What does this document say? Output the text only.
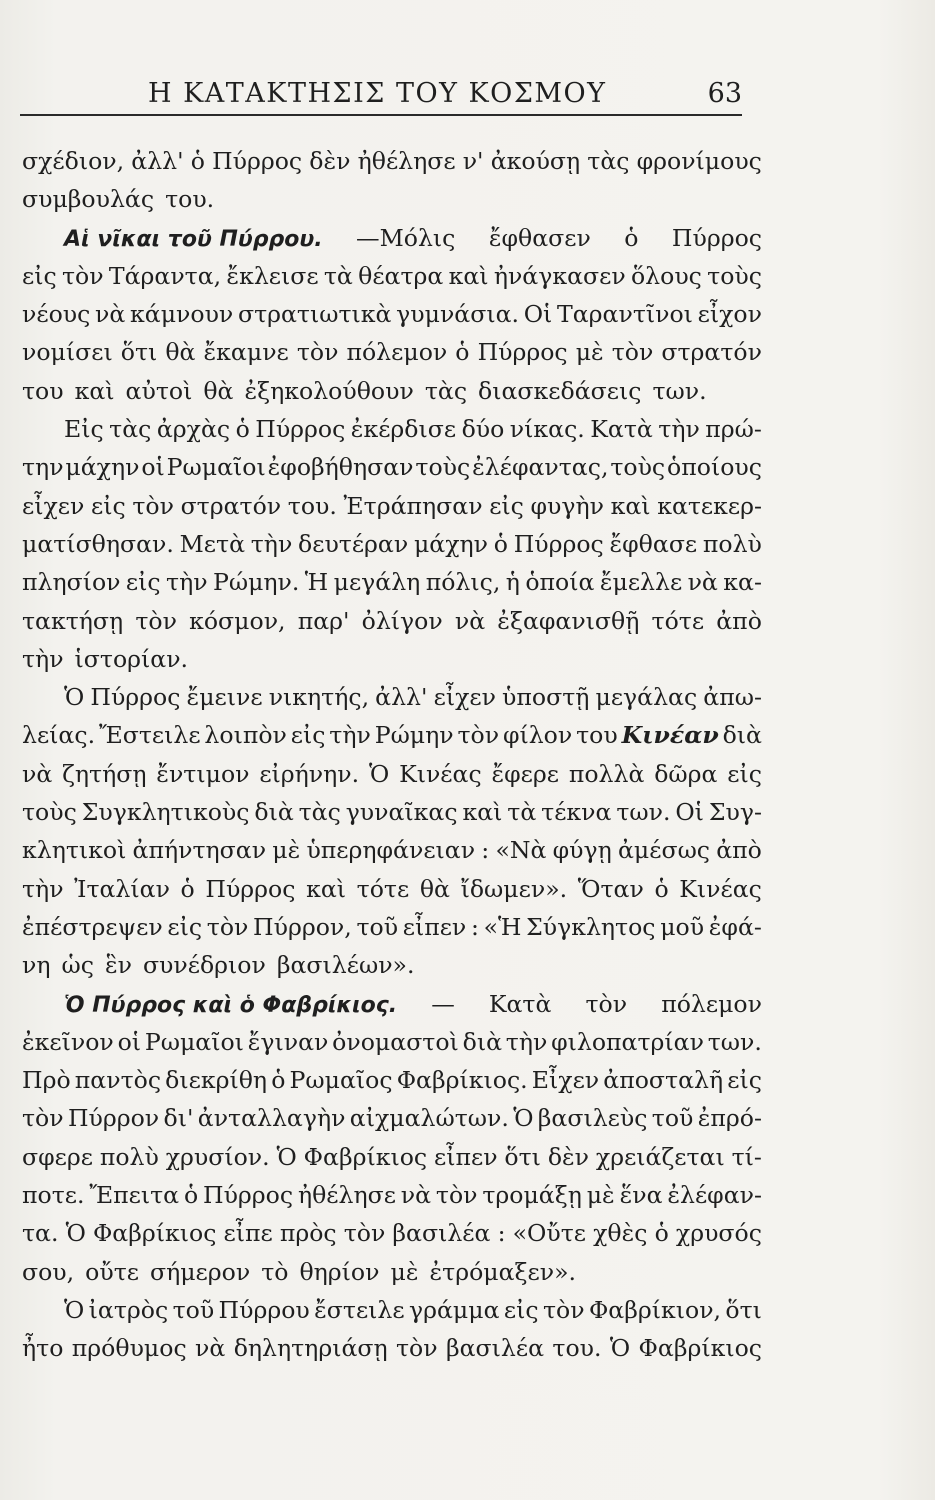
Η ΚΑΤΑΚΤΗΣΙΣ ΤΟΥ ΚΟΣΜΟΥ	63
σχέδιον, ἀλλ' ὁ Πύρρος δὲν ἠθέλησε ν' ἀκούσῃ τὰς φρονίμους
συμβουλάς του.
Αἱ νῖκαι τοῦ Πύρρου. —Μόλις ἔφθασεν ὁ Πύρρος
εἰς τὸν Τάραντα, ἔκλεισε τὰ θέατρα καὶ ἠνάγκασεν ὅλους τοὺς
νέους νὰ κάμνουν στρατιωτικὰ γυμνάσια. Οἱ Ταραντῖνοι εἶχον
νομίσει ὅτι θὰ ἔκαμνε τὸν πόλεμον ὁ Πύρρος μὲ τὸν στρατόν
του καὶ αὐτοὶ θὰ ἐξηκολούθουν τὰς διασκεδάσεις των.
Εἰς τὰς ἀρχὰς ὁ Πύρρος ἐκέρδισε δύο νίκας. Κατὰ τὴν πρώ-
την μάχην οἱ Ρωμαῖοι ἐφοβήθησαν τοὺς ἐλέφαντας, τοὺς ὁποίους
εἶχεν εἰς τὸν στρατόν του. Ἐτράπησαν εἰς φυγὴν καὶ κατεκερ-
ματίσθησαν. Μετὰ τὴν δευτέραν μάχην ὁ Πύρρος ἔφθασε πολὺ
πλησίον εἰς τὴν Ρώμην. Ἡ μεγάλη πόλις, ἡ ὁποία ἔμελλε νὰ κα-
τακτήσῃ τὸν κόσμον, παρ' ὀλίγον νὰ ἐξαφανισθῇ τότε ἀπὸ
τὴν ἱστορίαν.
Ὁ Πύρρος ἔμεινε νικητής, ἀλλ' εἶχεν ὑποστῇ μεγάλας ἀπω-
λείας. Ἔστειλε λοιπὸν εἰς τὴν Ρώμην τὸν φίλον του Κινέαν διὰ
νὰ ζητήσῃ ἔντιμον εἰρήνην. Ὁ Κινέας ἔφερε πολλὰ δῶρα εἰς
τοὺς Συγκλητικοὺς διὰ τὰς γυναῖκας καὶ τὰ τέκνα των. Οἱ Συγ-
κλητικοὶ ἀπήντησαν μὲ ὑπερηφάνειαν : «Νὰ φύγῃ ἀμέσως ἀπὸ
τὴν Ἰταλίαν ὁ Πύρρος καὶ τότε θὰ ἴδωμεν». Ὅταν ὁ Κινέας
ἐπέστρεψεν εἰς τὸν Πύρρον, τοῦ εἶπεν : «Ἡ Σύγκλητος μοῦ ἐφά-
νη ὡς ἓν συνέδριον βασιλέων».
Ὁ Πύρρος καὶ ὁ Φαβρίκιος. — Κατὰ τὸν πόλεμον
ἐκεῖνον οἱ Ρωμαῖοι ἔγιναν ὀνομαστοὶ διὰ τὴν φιλοπατρίαν των.
Πρὸ παντὸς διεκρίθη ὁ Ρωμαῖος Φαβρίκιος. Εἶχεν ἀποσταλῆ εἰς
τὸν Πύρρον δι' ἀνταλλαγὴν αἰχμαλώτων. Ὁ βασιλεὺς τοῦ ἐπρό-
σφερε πολὺ χρυσίον. Ὁ Φαβρίκιος εἶπεν ὅτι δὲν χρειάζεται τί-
ποτε. Ἔπειτα ὁ Πύρρος ἠθέλησε νὰ τὸν τρομάξῃ μὲ ἕνα ἐλέφαν-
τα. Ὁ Φαβρίκιος εἶπε πρὸς τὸν βασιλέα : «Οὔτε χθὲς ὁ χρυσός
σου, οὔτε σήμερον τὸ θηρίον μὲ ἐτρόμαξεν».
Ὁ ἰατρὸς τοῦ Πύρρου ἔστειλε γράμμα εἰς τὸν Φαβρίκιον, ὅτι
ἦτο πρόθυμος νὰ δηλητηριάσῃ τὸν βασιλέα του. Ὁ Φαβρίκιος
